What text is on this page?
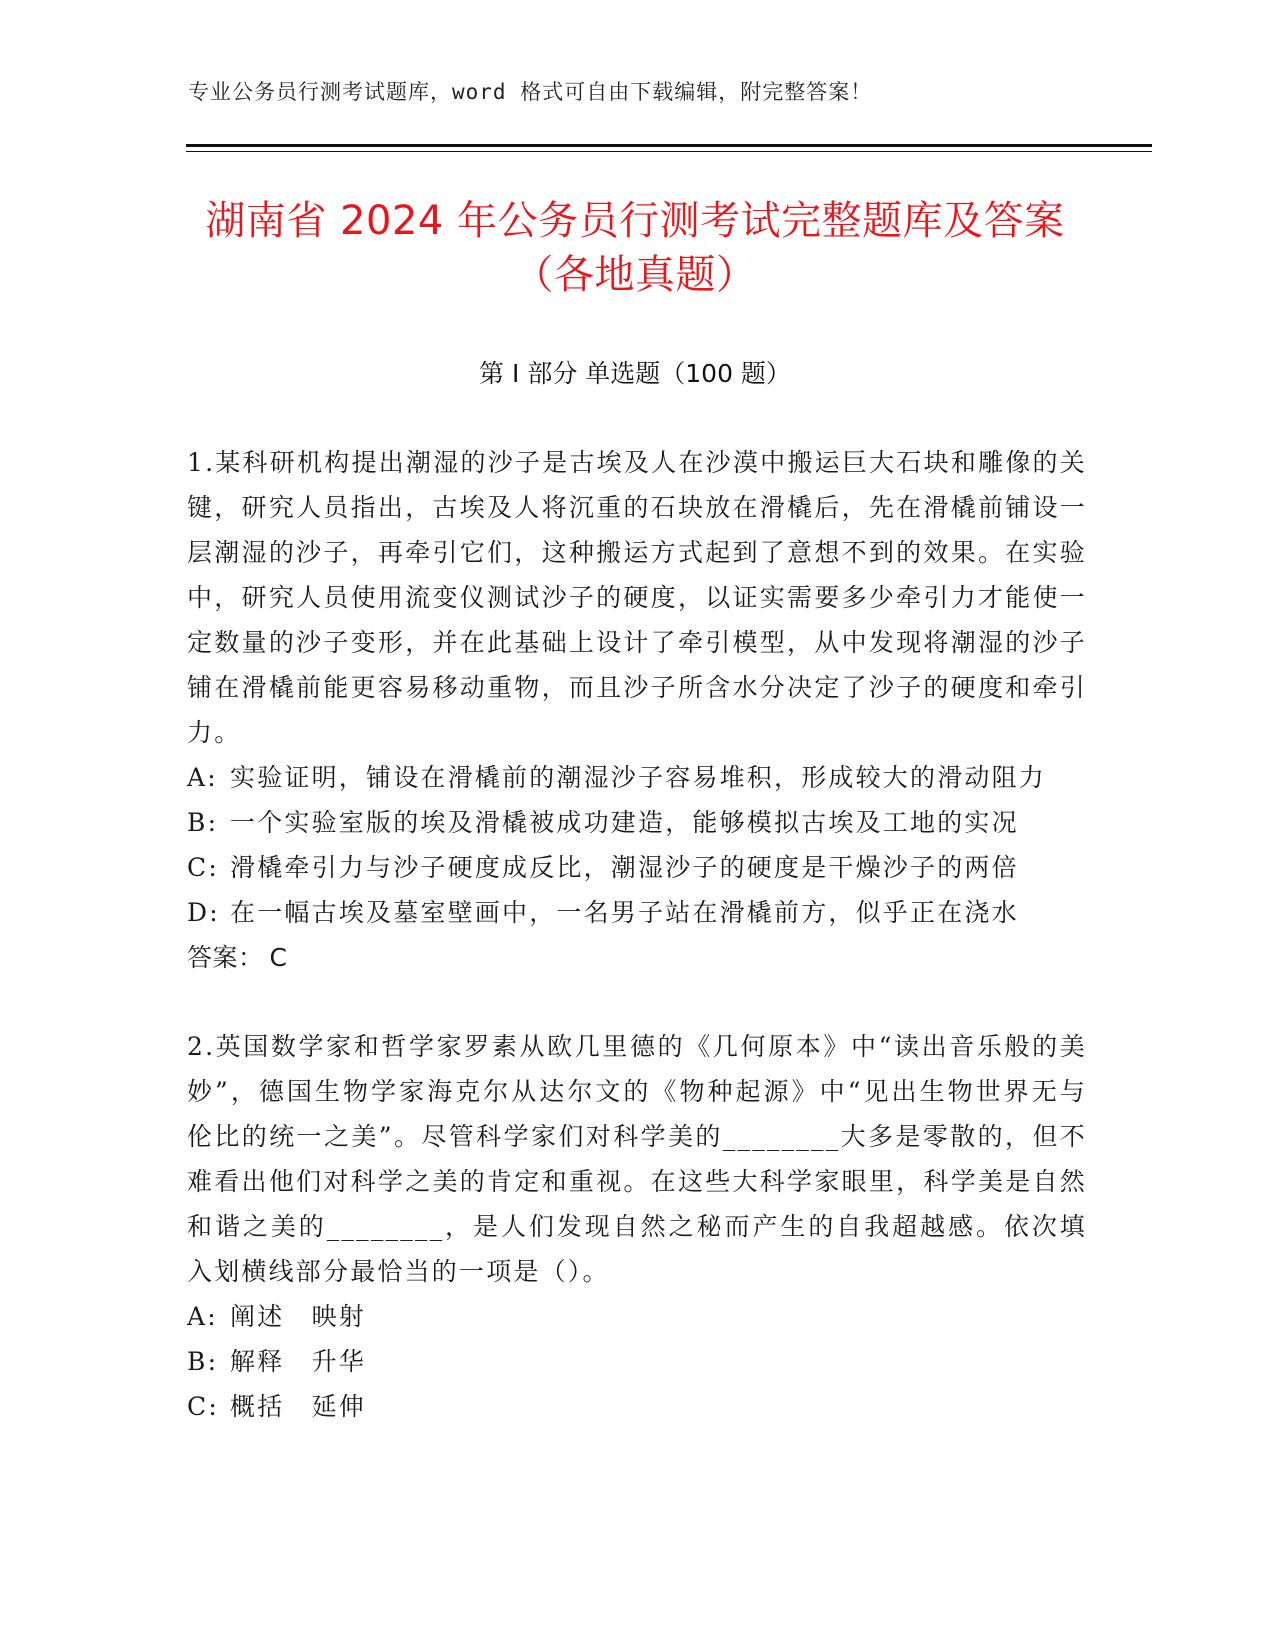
专业公务员行测考试题库，word 格式可自由下载编辑，附完整答案！
湖南省 2024 年公务员行测考试完整题库及答案（各地真题）
第 I 部分 单选题（100 题）

1.某科研机构提出潮湿的沙子是古埃及人在沙漠中搬运巨大石块和雕像的关键，研究人员指出，古埃及人将沉重的石块放在滑橇后，先在滑橇前铺设一层潮湿的沙子，再牵引它们，这种搬运方式起到了意想不到的效果。在实验中，研究人员使用流变仪测试沙子的硬度，以证实需要多少牵引力才能使一定数量的沙子变形，并在此基础上设计了牵引模型，从中发现将潮湿的沙子铺在滑橇前能更容易移动重物，而且沙子所含水分决定了沙子的硬度和牵引力。

A: 实验证明，铺设在滑橇前的潮湿沙子容易堆积，形成较大的滑动阻力

B: 一个实验室版的埃及滑橇被成功建造，能够模拟古埃及工地的实况

C: 滑橇牵引力与沙子硬度成反比，潮湿沙子的硬度是干燥沙子的两倍

D: 在一幅古埃及墓室壁画中，一名男子站在滑橇前方，似乎正在浇水

答案： C

2.英国数学家和哲学家罗素从欧几里德的《几何原本》中“读出音乐般的美妙”，德国生物学家海克尔从达尔文的《物种起源》中“见出生物世界无与伦比的统一之美”。尽管科学家们对科学美的________大多是零散的，但不难看出他们对科学之美的肯定和重视。在这些大科学家眼里，科学美是自然和谐之美的________，是人们发现自然之秘而产生的自我超越感。依次填入划横线部分最恰当的一项是（）。

A: 阐述　映射

B: 解释　升华

C: 概括　延伸
